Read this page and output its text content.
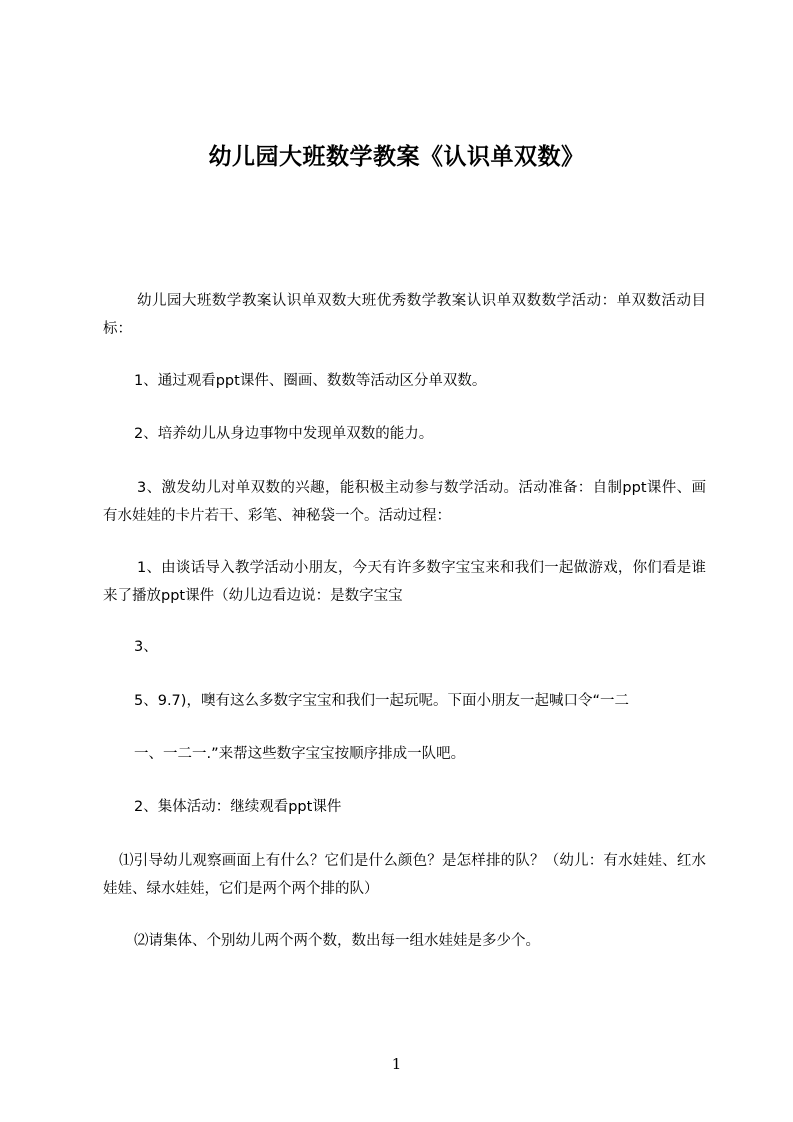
幼儿园大班数学教案《认识单双数》
幼儿园大班数学教案认识单双数大班优秀数学教案认识单双数数学活动：单双数活动目标：
1、通过观看ppt课件、圈画、数数等活动区分单双数。
2、培养幼儿从身边事物中发现单双数的能力。
3、激发幼儿对单双数的兴趣，能积极主动参与数学活动。活动准备：自制ppt课件、画有水娃娃的卡片若干、彩笔、神秘袋一个。活动过程：
1、由谈话导入教学活动小朋友，今天有许多数字宝宝来和我们一起做游戏，你们看是谁来了播放ppt课件（幼儿边看边说：是数字宝宝
3、
5、9.7)，噢有这么多数字宝宝和我们一起玩呢。下面小朋友一起喊口令“一二
一、一二一.”来帮这些数字宝宝按顺序排成一队吧。
2、集体活动：继续观看ppt课件
⑴引导幼儿观察画面上有什么？它们是什么颜色？是怎样排的队？（幼儿：有水娃娃、红水娃娃、绿水娃娃，它们是两个两个排的队）
⑵请集体、个别幼儿两个两个数，数出每一组水娃娃是多少个。
1
